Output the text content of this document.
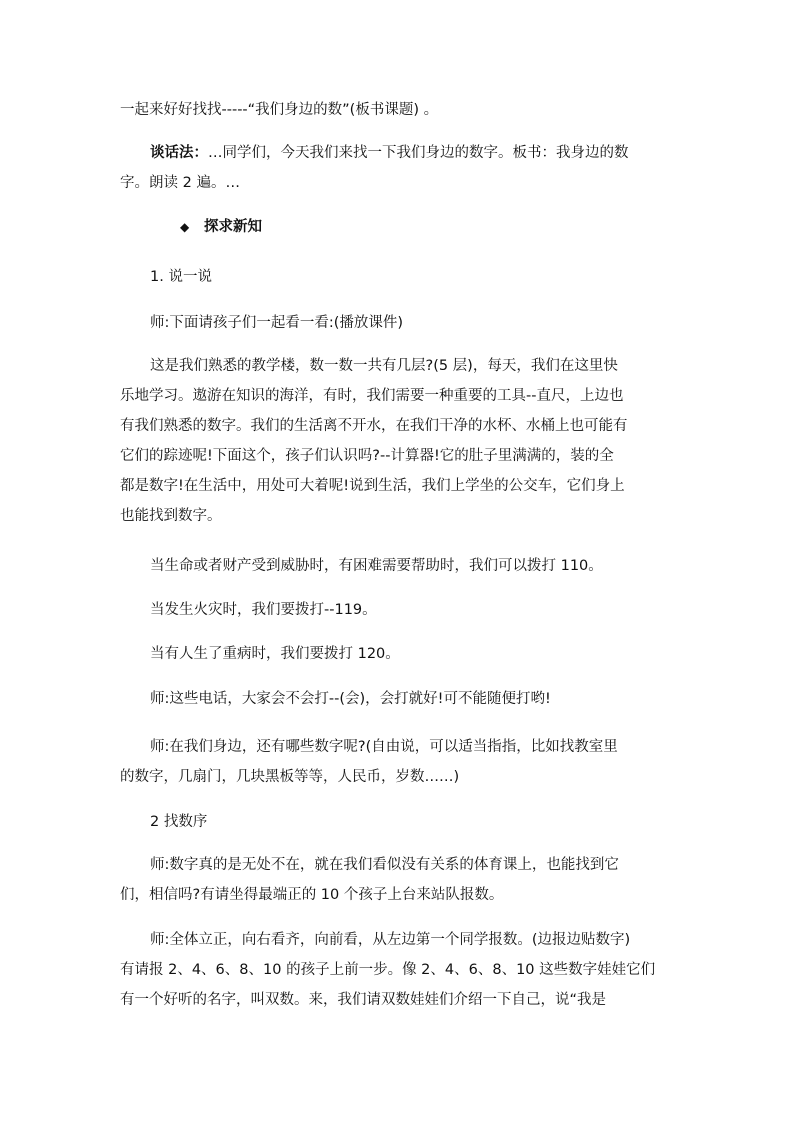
一起来好好找找-----“我们身边的数”(板书课题) 。
谈话法：…同学们，今天我们来找一下我们身边的数字。板书：我身边的数
字。朗读 2 遍。…
◆ 探求新知
1. 说一说
师:下面请孩子们一起看一看:(播放课件)
这是我们熟悉的教学楼，数一数一共有几层?(5 层)，每天，我们在这里快
乐地学习。遨游在知识的海洋，有时，我们需要一种重要的工具--直尺，上边也
有我们熟悉的数字。我们的生活离不开水，在我们干净的水杯、水桶上也可能有
它们的踪迹呢!下面这个，孩子们认识吗?--计算器!它的肚子里满满的，装的全
都是数字!在生活中，用处可大着呢!说到生活，我们上学坐的公交车，它们身上
也能找到数字。
当生命或者财产受到威胁时，有困难需要帮助时，我们可以拨打 110。
当发生火灾时，我们要拨打--119。
当有人生了重病时，我们要拨打 120。
师:这些电话，大家会不会打--(会)，会打就好!可不能随便打哟!
师:在我们身边，还有哪些数字呢?(自由说，可以适当指指，比如找教室里
的数字，几扇门，几块黑板等等，人民币，岁数……)
2 找数序
师:数字真的是无处不在，就在我们看似没有关系的体育课上，也能找到它
们，相信吗?有请坐得最端正的 10 个孩子上台来站队报数。
师:全体立正，向右看齐，向前看，从左边第一个同学报数。(边报边贴数字)
有请报 2、4、6、8、10 的孩子上前一步。像 2、4、6、8、10 这些数字娃娃它们
有一个好听的名字，叫双数。来，我们请双数娃娃们介绍一下自己，说“我是
